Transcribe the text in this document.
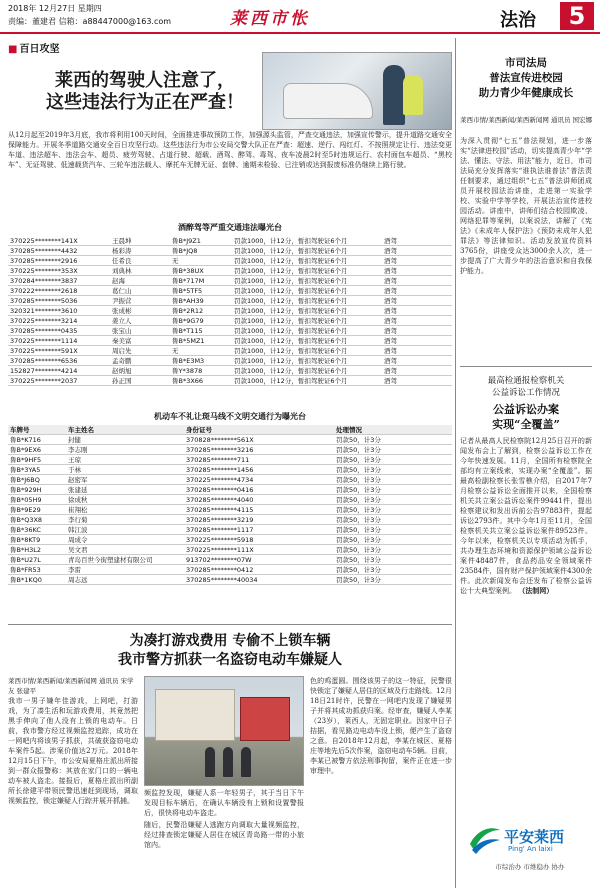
2018年 12月27日 星期四
责编：董建君 信箱：a88447000@163.com	莱西市怅	法治	5
■ 百日攻坚
莱西的驾驶人注意了，
这些违法行为正在严查！
从12月起至2019年3月底，我市将利用100天时间，全面推进事故预防工作，加强源头监管，严查交通违法，加强宣传警示，提升道路交通安全保障能力。开展冬季道路交通安全百日攻坚行动。这些违法行为市公安局交警大队正在严查：超速、逆行、闯红灯、不按照规定让行、违法变更车道、违法超车、违法会车、超员、疲劳驾驶、占道行驶、超载、酒驾、醉驾、毒驾、夜车凌晨2时至5时违规运行、农村面包车超员、“黑校车”、无证驾驶、低速载货汽车、三轮车违法载人、摩托车无牌无证、套牌、逾期未检验、已注销或达到报废标准仍继续上路行驶。
酒醉驾等严重交通违法曝光台
370225********141X	王晨坤	鲁B*J9Z1	罚款1000，计12分，暂扣驾驶证6个月	酒驾
370285********4432	杨彩涛	鲁B*JQ8	罚款1000，计12分，暂扣驾驶证6个月	酒驾
370285********2916	任希良	无	罚款1000，计12分，暂扣驾驶证6个月	酒驾
370225********353X	刘典林	鲁B*38UX	罚款1000，计12分，暂扣驾驶证6个月	酒驾
370284********3837	赵海	鲁B*717M	罚款1000，计12分，暂扣驾驶证6个月	酒驾
370222********2618	葛仁山	鲁B*5TF5	罚款1000，计12分，暂扣驾驶证6个月	酒驾
370285********5036	尹振营	鲁B*AH39	罚款1000，计12分，暂扣驾驶证6个月	酒驾
320321********3610	张成彬	鲁B*2R12	罚款1000，计12分，暂扣驾驶证6个月	酒驾
370225********3214	姜立人	鲁B*9G79	罚款1000，计12分，暂扣驾驶证6个月	酒驾
370285********0435	张宝山	鲁B*T115	罚款1000，计12分，暂扣驾驶证6个月	酒驾
370225********1114	秦美富	鲁B*5MZ1	罚款1000，计12分，暂扣驾驶证6个月	酒驾
370225********591X	周启先	无	罚款1000，计12分，暂扣驾驶证6个月	酒驾
370285********6536	孟奇鹏	鲁B*E3M3	罚款1000，计12分，暂扣驾驶证6个月	酒驾
152827********4214	赵炳旭	鲁Y*3878	罚款1000，计12分，暂扣驾驶证6个月	酒驾
370225********2037	孙正国	鲁B*3X66	罚款1000，计12分，暂扣驾驶证6个月	酒驾
机动车不礼让斑马线不文明交通行为曝光台
车牌号	车主姓名	身份证号	处理情况
鲁B*K716	封健	370828********561X	罚款50，计3分
鲁B*9EX6	李志刚	370285********3216	罚款50，计3分
鲁B*9HF5	王琼	370285********711	罚款50，计3分
鲁B*3YA5	于林	370285********1456	罚款50，计3分
鲁B*J6BQ	赵密军	370225********4734	罚款50，计3分
鲁B*929H	张建延	370285********0416	罚款50，计3分
鲁B*05H9	徐成秋	370285********4040	罚款50，计3分
鲁B*9E29	崔翔松	370285********4115	罚款50，计3分
鲁B*Q3X8	李行菊	370285********3219	罚款50，计3分
鲁B*36KC	韩江波	370285********1117	罚款50，计3分
鲁B*8KT9	周成令	370225********5918	罚款50，计3分
鲁B*H3L2	吴文君	370225********111X	罚款50，计3分
鲁B*U27L	青岛百世今街塑建材有限公司	913702********07W	罚款50，计3分
鲁B*FR53	李雷	370285********0412	罚款50，计3分
鲁B*1KQ0	周志远	370285********40034	罚款50，计3分
为凑打游戏费用 专偷不上锁车辆
我市警方抓获一名盗窃电动车嫌疑人
莱西市情/莱西新闻/莱西新闻网 通讯员 宋学友 张建平
我市一男子嫌年佳游戏，上网吧，打游戏，为了凑生活和玩游戏费用，其竟然把黑手伸向了他人没有上锁的电动车。日前，我市警方经过视频监控追踪，成功在一网吧内将该男子抓获，共破获盗窃电动车案件5起。涉案价值达2万元。2018年12月15日下午，市公安局夏格庄派出所接到一群众报警称：其放在家门口的一辆电动车被人盗走。接报后，夏格庄派出所副所长徐建平带领民警迅速赶到现场，调取视频监控，锁定嫌疑人行踪并展开抓捕。
频监控发现，嫌疑人系一年轻男子，其于当日下午发现目标车辆后，在确认车辆没有上锁和设置警报后，很快将电动车盗走。
随后，民警沿嫌疑人逃跑方向调取大量视频监控，经过排查锁定嫌疑人居住在城区青岛路一带的小旅馆内。
色的鸡蛋圆。围绕该男子的这一特征，民警很快锁定了嫌疑人居住的区域及行走路线。12月18日21时许，民警在一网吧内发现了嫌疑男子并将其成功抓获归案。经审查，嫌疑人李某（23岁），莱西人，无固定职业。因家中日子拮据，看见路边电动车没上锁，便产生了盗窃之意。自2018年12月起，李某在城区、夏格庄等地先后5次作案，盗窃电动车5辆。目前，李某已被警方依法刑事拘留，案件正在进一步审理中。
市司法局
普法宣传进校园
助力青少年健康成长
莱西市情/莱西新闻/莱西新闻网 通讯员 国宏娜
为深入贯彻“七五”普法规划，进一步落实“法律进校园”活动，切实提高青少年“学法、懂法、守法、用法”能力，近日，市司法局充分发挥落实“谁执法谁普法”普法责任制要求，通过组织“七五”普法讲师团成员开展校园法治讲座，走进第一实验学校、实验中学等学校，开展法治宣传进校园活动。讲座中，讲师们结合校园欺凌、网络犯罪等案例，以案说法，讲解了《宪法》《未成年人保护法》《预防未成年人犯罪法》等法律知识。活动发放宣传资料3765份，讲座受众达3000余人次，进一步提高了广大青少年的法治意识和自我保护能力。
最高检通报检察机关
公益诉讼工作情况
公益诉讼办案
实现“全覆盖”
记者从最高人民检察院12月25日召开的新闻发布会上了解到，检察公益诉讼工作在今年快速发展。11月，全国所有检察院全部均有立案线索，实现办案“全覆盖”。据最高检副检察长张雪樵介绍，自2017年7月检察公益诉讼全面推开以来，全国检察机关共立案公益诉讼案件99441件，提出检察建议和发出诉前公告97883件，提起诉讼2793件。其中今年1月至11月，全国检察机关共立案公益诉讼案件89523件。今年以来，检察机关以专项活动为抓手，共办理生态环境和资源保护领域公益诉讼案件48487件，食品药品安全领域案件23584件，国有财产保护领域案件4300余件。此次新闻发布会还发布了检察公益诉讼十大典型案例。 （法制网）
平安莱西
Ping' An laixi
市综治办 市维稳办 协办
